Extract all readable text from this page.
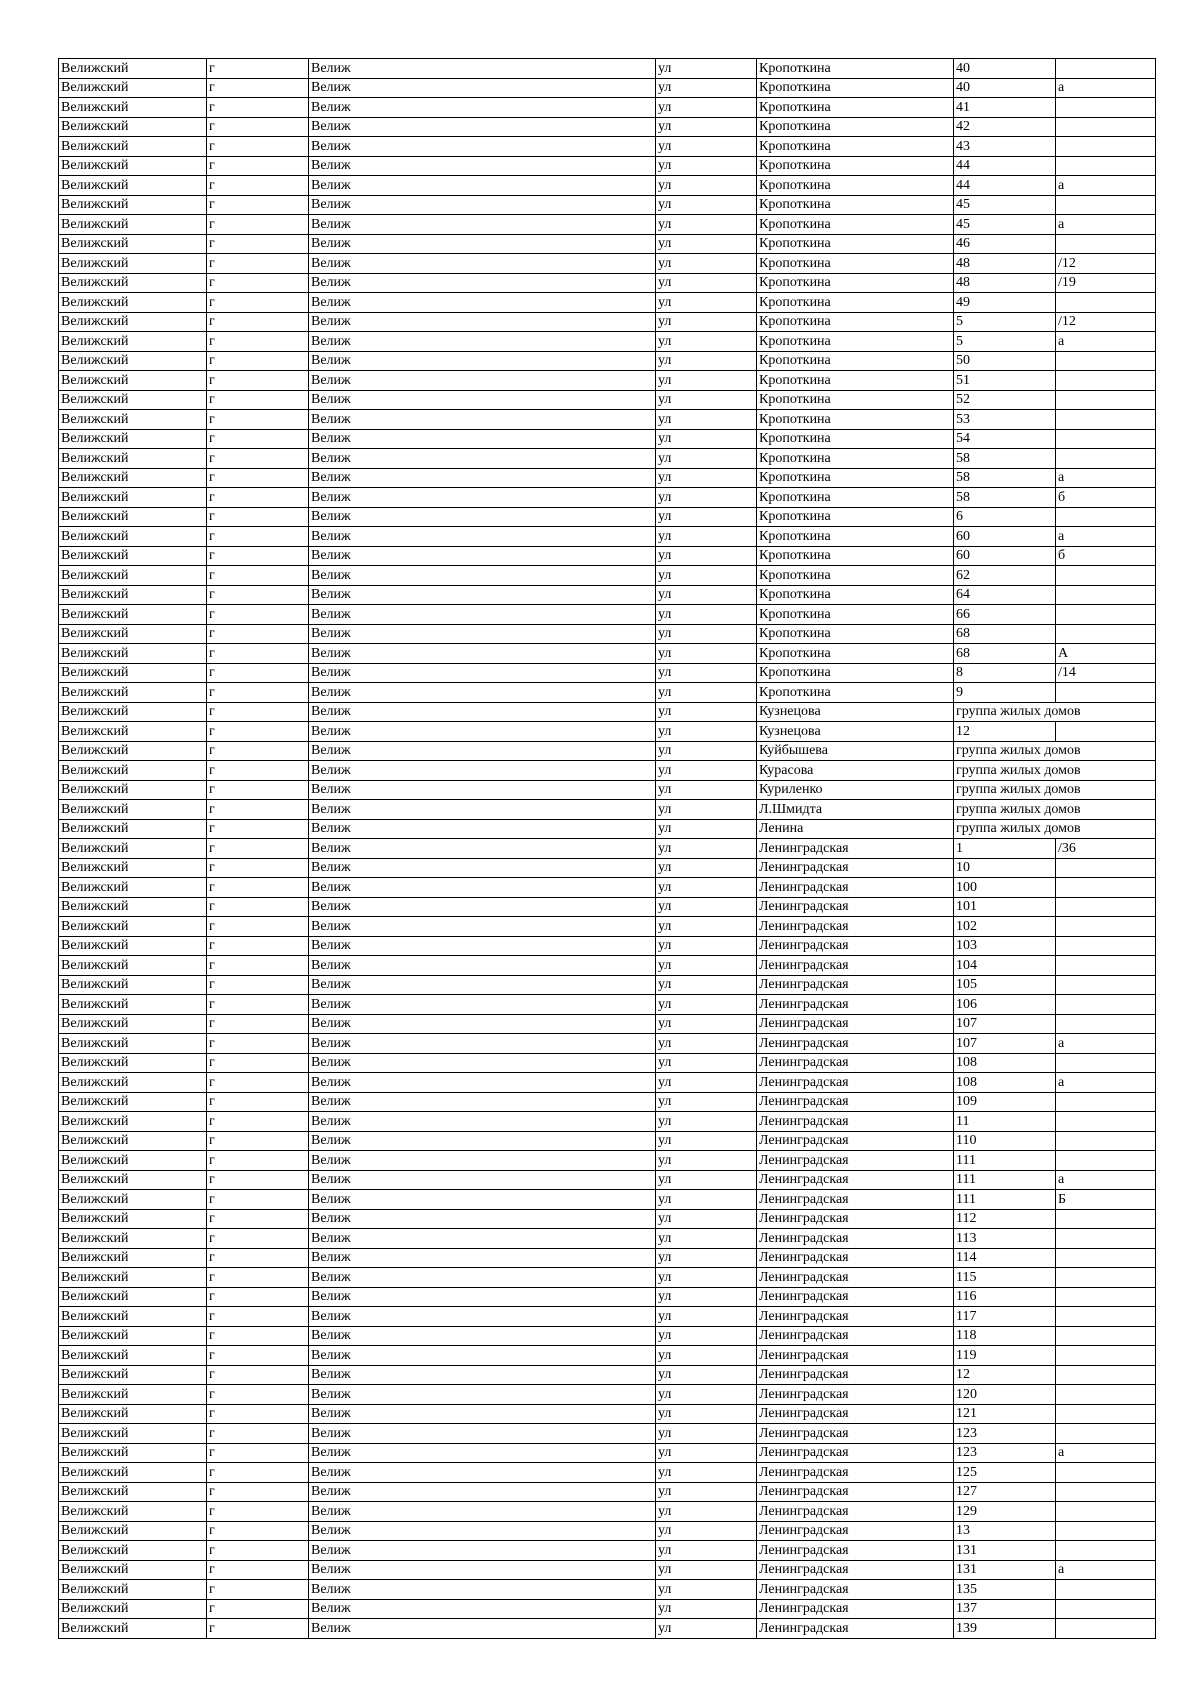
Велижский	г	Велиж	ул	Кропоткина	40	
Велижский	г	Велиж	ул	Кропоткина	40	а
Велижский	г	Велиж	ул	Кропоткина	41	
Велижский	г	Велиж	ул	Кропоткина	42	
Велижский	г	Велиж	ул	Кропоткина	43	
Велижский	г	Велиж	ул	Кропоткина	44	
Велижский	г	Велиж	ул	Кропоткина	44	а
Велижский	г	Велиж	ул	Кропоткина	45	
Велижский	г	Велиж	ул	Кропоткина	45	а
Велижский	г	Велиж	ул	Кропоткина	46	
Велижский	г	Велиж	ул	Кропоткина	48	/12
Велижский	г	Велиж	ул	Кропоткина	48	/19
Велижский	г	Велиж	ул	Кропоткина	49	
Велижский	г	Велиж	ул	Кропоткина	5	/12
Велижский	г	Велиж	ул	Кропоткина	5	а
Велижский	г	Велиж	ул	Кропоткина	50	
Велижский	г	Велиж	ул	Кропоткина	51	
Велижский	г	Велиж	ул	Кропоткина	52	
Велижский	г	Велиж	ул	Кропоткина	53	
Велижский	г	Велиж	ул	Кропоткина	54	
Велижский	г	Велиж	ул	Кропоткина	58	
Велижский	г	Велиж	ул	Кропоткина	58	а
Велижский	г	Велиж	ул	Кропоткина	58	б
Велижский	г	Велиж	ул	Кропоткина	6	
Велижский	г	Велиж	ул	Кропоткина	60	а
Велижский	г	Велиж	ул	Кропоткина	60	б
Велижский	г	Велиж	ул	Кропоткина	62	
Велижский	г	Велиж	ул	Кропоткина	64	
Велижский	г	Велиж	ул	Кропоткина	66	
Велижский	г	Велиж	ул	Кропоткина	68	
Велижский	г	Велиж	ул	Кропоткина	68	А
Велижский	г	Велиж	ул	Кропоткина	8	/14
Велижский	г	Велиж	ул	Кропоткина	9	
Велижский	г	Велиж	ул	Кузнецова	группа жилых домов	
Велижский	г	Велиж	ул	Кузнецова	12	
Велижский	г	Велиж	ул	Куйбышева	группа жилых домов	
Велижский	г	Велиж	ул	Курасова	группа жилых домов	
Велижский	г	Велиж	ул	Куриленко	группа жилых домов	
Велижский	г	Велиж	ул	Л.Шмидта	группа жилых домов	
Велижский	г	Велиж	ул	Ленина	группа жилых домов	
Велижский	г	Велиж	ул	Ленинградская	1	/36
Велижский	г	Велиж	ул	Ленинградская	10	
Велижский	г	Велиж	ул	Ленинградская	100	
Велижский	г	Велиж	ул	Ленинградская	101	
Велижский	г	Велиж	ул	Ленинградская	102	
Велижский	г	Велиж	ул	Ленинградская	103	
Велижский	г	Велиж	ул	Ленинградская	104	
Велижский	г	Велиж	ул	Ленинградская	105	
Велижский	г	Велиж	ул	Ленинградская	106	
Велижский	г	Велиж	ул	Ленинградская	107	
Велижский	г	Велиж	ул	Ленинградская	107	а
Велижский	г	Велиж	ул	Ленинградская	108	
Велижский	г	Велиж	ул	Ленинградская	108	а
Велижский	г	Велиж	ул	Ленинградская	109	
Велижский	г	Велиж	ул	Ленинградская	11	
Велижский	г	Велиж	ул	Ленинградская	110	
Велижский	г	Велиж	ул	Ленинградская	111	
Велижский	г	Велиж	ул	Ленинградская	111	а
Велижский	г	Велиж	ул	Ленинградская	111	Б
Велижский	г	Велиж	ул	Ленинградская	112	
Велижский	г	Велиж	ул	Ленинградская	113	
Велижский	г	Велиж	ул	Ленинградская	114	
Велижский	г	Велиж	ул	Ленинградская	115	
Велижский	г	Велиж	ул	Ленинградская	116	
Велижский	г	Велиж	ул	Ленинградская	117	
Велижский	г	Велиж	ул	Ленинградская	118	
Велижский	г	Велиж	ул	Ленинградская	119	
Велижский	г	Велиж	ул	Ленинградская	12	
Велижский	г	Велиж	ул	Ленинградская	120	
Велижский	г	Велиж	ул	Ленинградская	121	
Велижский	г	Велиж	ул	Ленинградская	123	
Велижский	г	Велиж	ул	Ленинградская	123	а
Велижский	г	Велиж	ул	Ленинградская	125	
Велижский	г	Велиж	ул	Ленинградская	127	
Велижский	г	Велиж	ул	Ленинградская	129	
Велижский	г	Велиж	ул	Ленинградская	13	
Велижский	г	Велиж	ул	Ленинградская	131	
Велижский	г	Велиж	ул	Ленинградская	131	а
Велижский	г	Велиж	ул	Ленинградская	135	
Велижский	г	Велиж	ул	Ленинградская	137	
Велижский	г	Велиж	ул	Ленинградская	139	
